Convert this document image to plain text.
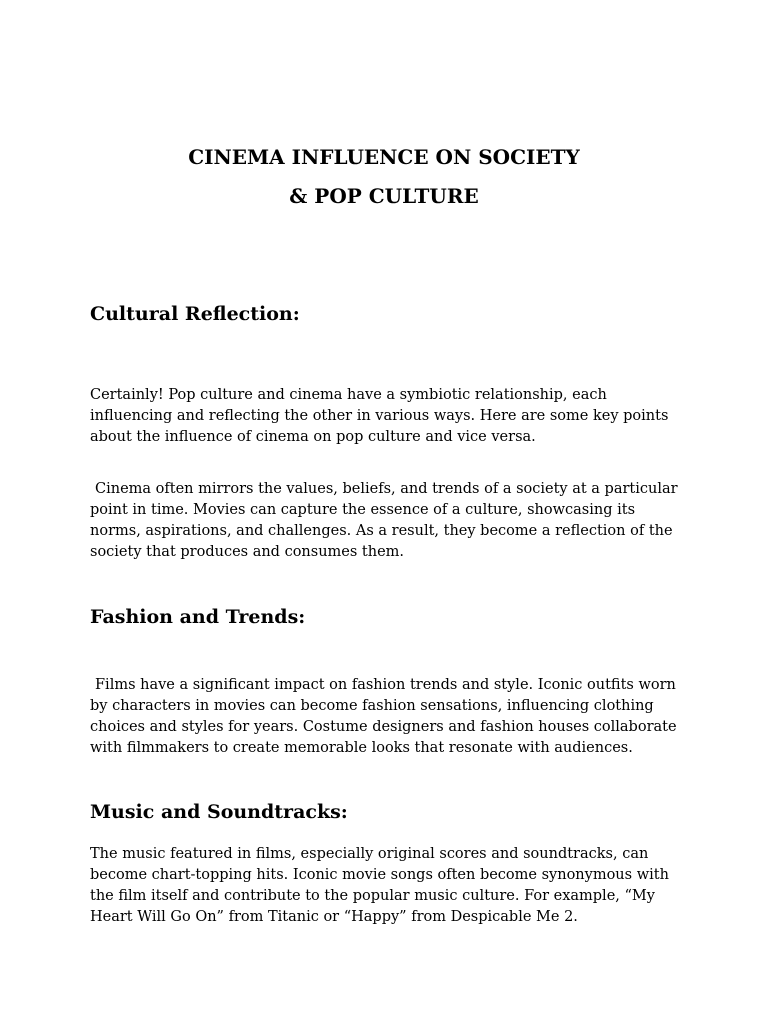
CINEMA INFLUENCE ON SOCIETY
& POP CULTURE
Cultural Reflection:

Certainly! Pop culture and cinema have a symbiotic relationship, each influencing and reflecting the other in various ways. Here are some key points about the influence of cinema on pop culture and vice versa.

Cinema often mirrors the values, beliefs, and trends of a society at a particular point in time. Movies can capture the essence of a culture, showcasing its norms, aspirations, and challenges. As a result, they become a reflection of the society that produces and consumes them.

Fashion and Trends:

Films have a significant impact on fashion trends and style. Iconic outfits worn by characters in movies can become fashion sensations, influencing clothing choices and styles for years. Costume designers and fashion houses collaborate with filmmakers to create memorable looks that resonate with audiences.

Music and Soundtracks:

The music featured in films, especially original scores and soundtracks, can become chart-topping hits. Iconic movie songs often become synonymous with the film itself and contribute to the popular music culture. For example, “My Heart Will Go On” from Titanic or “Happy” from Despicable Me 2.
